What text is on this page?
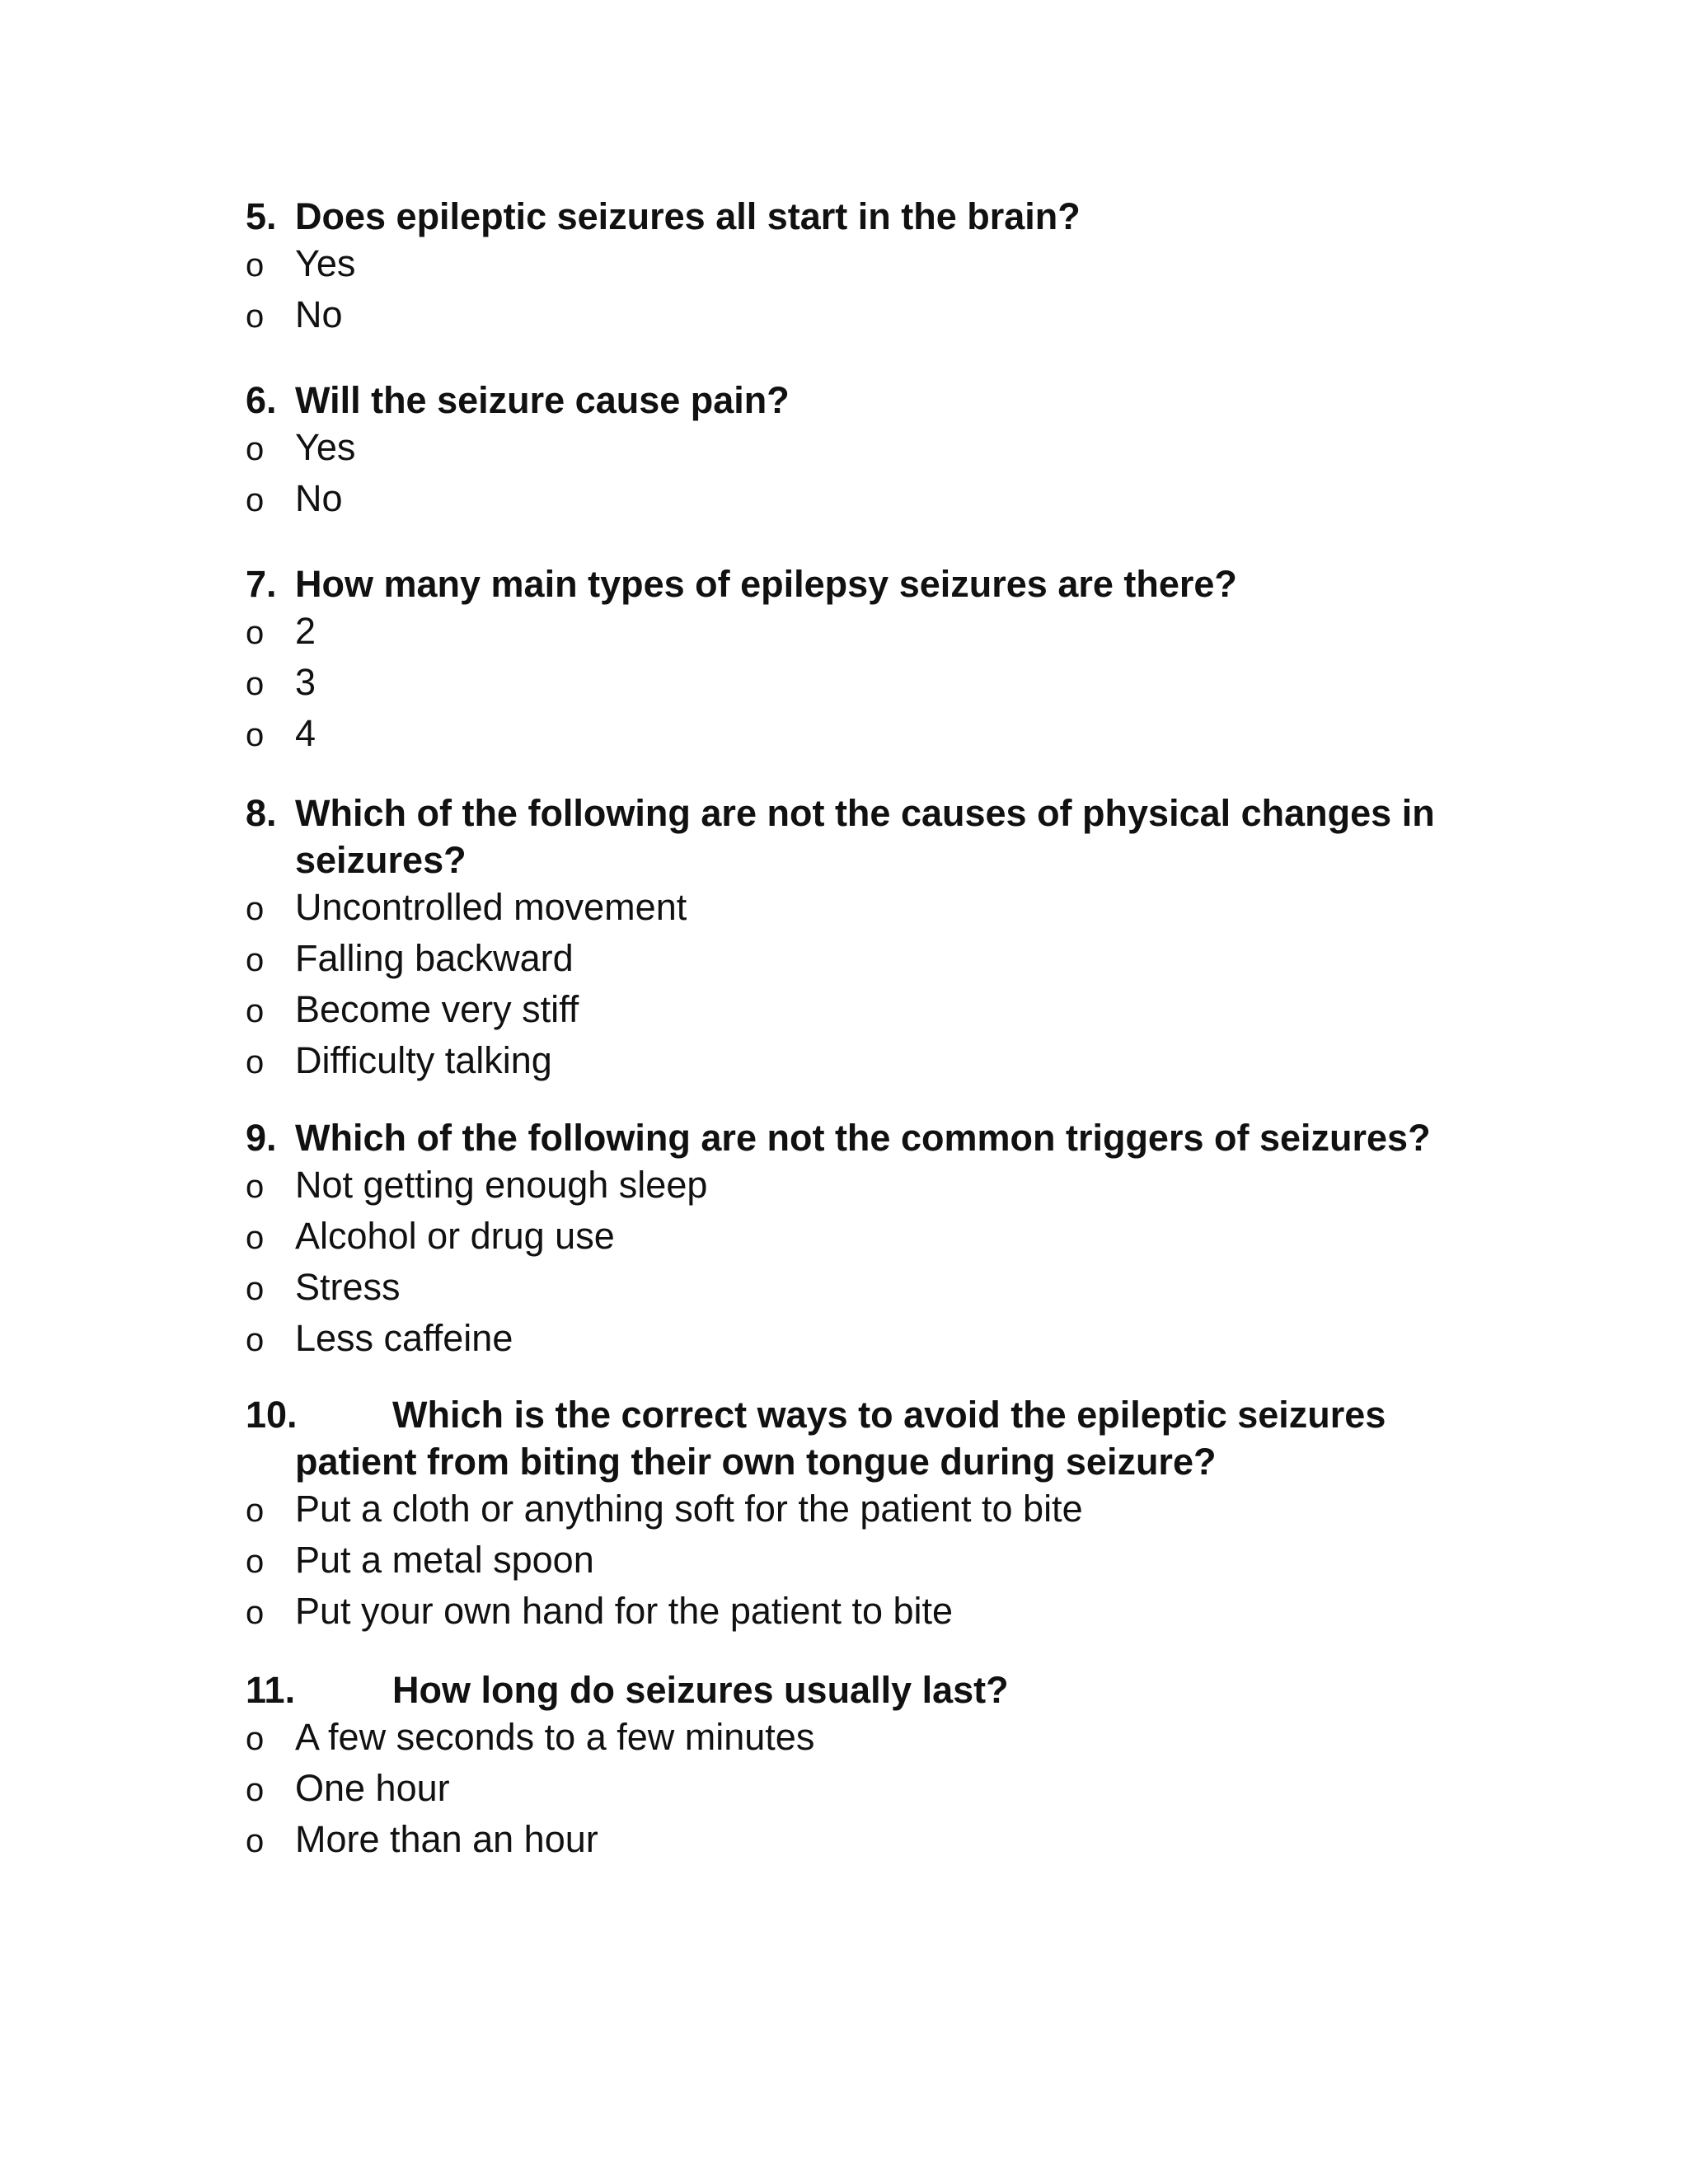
5. Does epileptic seizures all start in the brain?
o Yes
o No
6. Will the seizure cause pain?
o Yes
o No
7. How many main types of epilepsy seizures are there?
o 2
o 3
o 4
8. Which of the following are not the causes of physical changes in
seizures?
o Uncontrolled movement
o Falling backward
o Become very stiff
o Difficulty talking
9. Which of the following are not the common triggers of seizures?
o Not getting enough sleep
o Alcohol or drug use
o Stress
o Less caffeine
10.	Which is the correct ways to avoid the epileptic seizures
patient from biting their own tongue during seizure?
o Put a cloth or anything soft for the patient to bite
o Put a metal spoon
o Put your own hand for the patient to bite
11.	How long do seizures usually last?
o A few seconds to a few minutes
o One hour
o More than an hour
